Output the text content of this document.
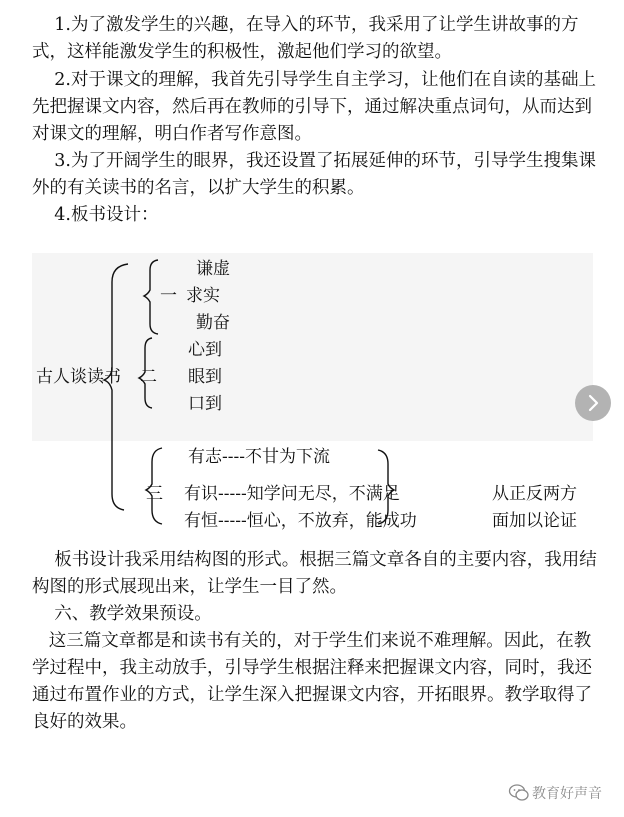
1.为了激发学生的兴趣，在导入的环节，我采用了让学生讲故事的方式，这样能激发学生的积极性，激起他们学习的欲望。

2.对于课文的理解，我首先引导学生自主学习，让他们在自读的基础上先把握课文内容，然后再在教师的引导下，通过解决重点词句，从而达到对课文的理解，明白作者写作意图。

3.为了开阔学生的眼界，我还设置了拓展延伸的环节，引导学生搜集课外的有关读书的名言，以扩大学生的积累。

4.板书设计：

古人谈读书
一
谦虚
求实
勤奋
二
心到
眼到
口到
三
有志----不甘为下流
有识-----知学问无尽，不满足
有恒-----恒心，不放弃，能成功
从正反两方
面加以论证

板书设计我采用结构图的形式。根据三篇文章各自的主要内容，我用结构图的形式展现出来，让学生一目了然。

六、教学效果预设。

这三篇文章都是和读书有关的，对于学生们来说不难理解。因此，在教学过程中，我主动放手，引导学生根据注释来把握课文内容，同时，我还通过布置作业的方式，让学生深入把握课文内容，开拓眼界。教学取得了良好的效果。

教育好声音
